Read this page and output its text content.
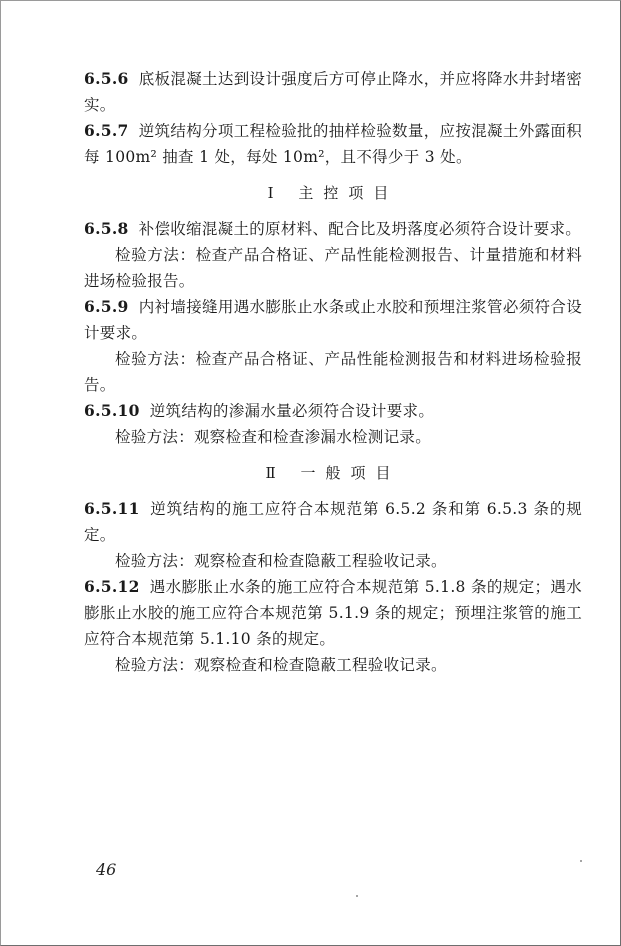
6.5.6 底板混凝土达到设计强度后方可停止降水，并应将降水井封堵密实。

6.5.7 逆筑结构分项工程检验批的抽样检验数量，应按混凝土外露面积每 100m² 抽查 1 处，每处 10m²，且不得少于 3 处。

Ⅰ 主控项目

6.5.8 补偿收缩混凝土的原材料、配合比及坍落度必须符合设计要求。

检验方法：检查产品合格证、产品性能检测报告、计量措施和材料进场检验报告。

6.5.9 内衬墙接缝用遇水膨胀止水条或止水胶和预埋注浆管必须符合设计要求。

检验方法：检查产品合格证、产品性能检测报告和材料进场检验报告。

6.5.10 逆筑结构的渗漏水量必须符合设计要求。

检验方法：观察检查和检查渗漏水检测记录。

Ⅱ 一般项目

6.5.11 逆筑结构的施工应符合本规范第 6.5.2 条和第 6.5.3 条的规定。

检验方法：观察检查和检查隐蔽工程验收记录。

6.5.12 遇水膨胀止水条的施工应符合本规范第 5.1.8 条的规定；遇水膨胀止水胶的施工应符合本规范第 5.1.9 条的规定；预埋注浆管的施工应符合本规范第 5.1.10 条的规定。

检验方法：观察检查和检查隐蔽工程验收记录。

46
